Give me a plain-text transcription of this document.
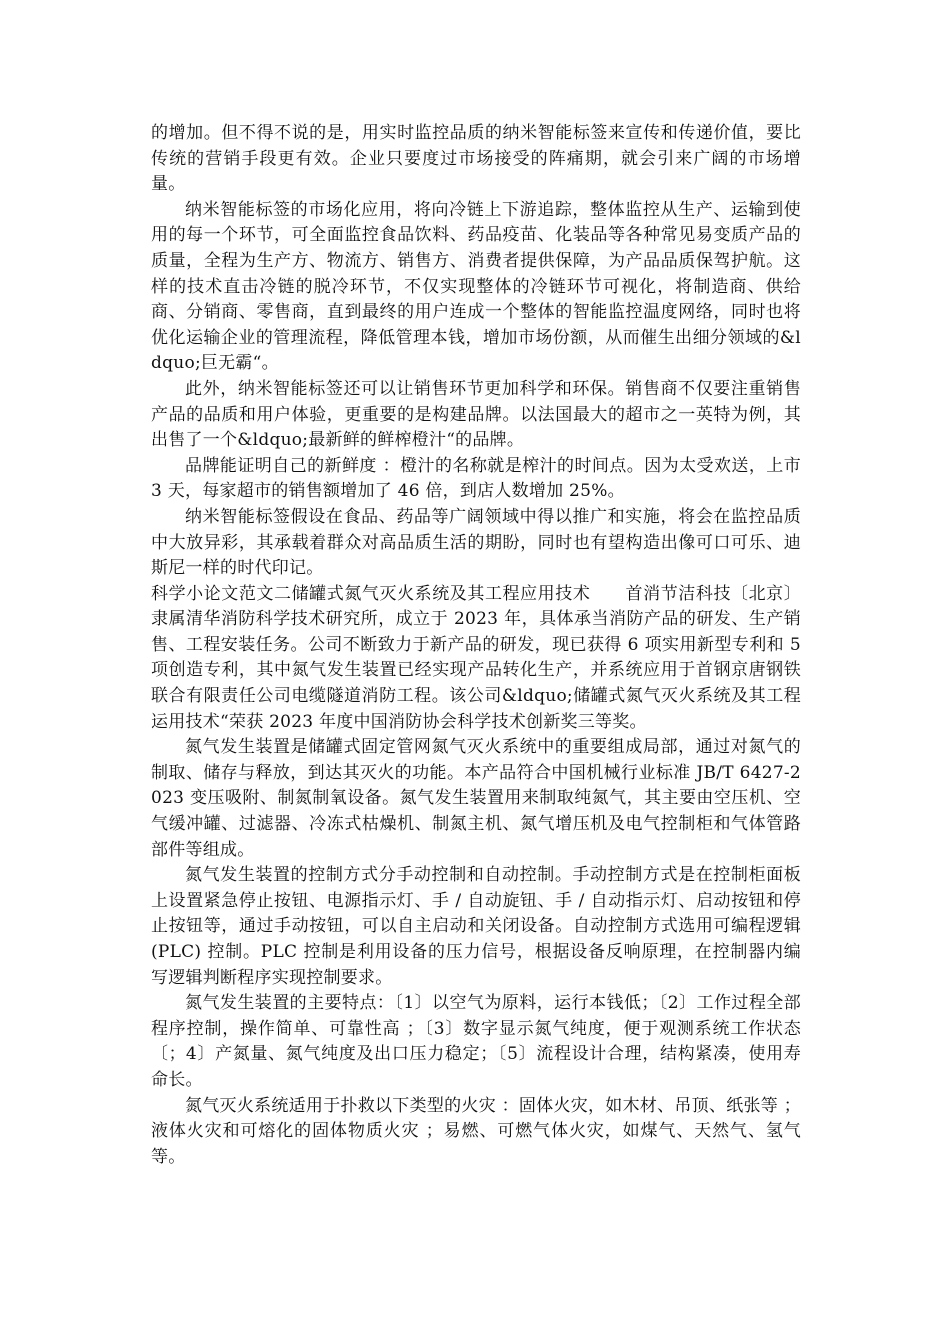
的增加。但不得不说的是，用实时监控品质的纳米智能标签来宣传和传递价值，要比传统的营销手段更有效。企业只要度过市场接受的阵痛期，就会引来广阔的市场增量。

纳米智能标签的市场化应用，将向冷链上下游追踪，整体监控从生产、运输到使用的每一个环节，可全面监控食品饮料、药品疫苗、化装品等各种常见易变质产品的质量，全程为生产方、物流方、销售方、消费者提供保障，为产品品质保驾护航。这样的技术直击冷链的脱冷环节，不仅实现整体的冷链环节可视化，将制造商、供给商、分销商、零售商，直到最终的用户连成一个整体的智能监控温度网络，同时也将优化运输企业的管理流程，降低管理本钱，增加市场份额，从而催生出细分领域的&ldquo;巨无霸“。

此外，纳米智能标签还可以让销售环节更加科学和环保。销售商不仅要注重销售产品的品质和用户体验，更重要的是构建品牌。以法国最大的超市之一英特为例，其出售了一个&ldquo;最新鲜的鲜榨橙汁“的品牌。

品牌能证明自己的新鲜度 ：橙汁的名称就是榨汁的时间点。因为太受欢送，上市 3 天，每家超市的销售额增加了 46 倍，到店人数增加 25%。

纳米智能标签假设在食品、药品等广阔领域中得以推广和实施，将会在监控品质中大放异彩，其承载着群众对高品质生活的期盼，同时也有望构造出像可口可乐、迪斯尼一样的时代印记。

科学小论文范文二储罐式氮气灭火系统及其工程应用技术　　首消节洁科技〔北京〕隶属清华消防科学技术研究所，成立于 2023 年，具体承当消防产品的研发、生产销售、工程安装任务。公司不断致力于新产品的研发，现已获得 6 项实用新型专利和 5 项创造专利，其中氮气发生装置已经实现产品转化生产，并系统应用于首钢京唐钢铁联合有限责任公司电缆隧道消防工程。该公司&ldquo;储罐式氮气灭火系统及其工程运用技术“荣获 2023 年度中国消防协会科学技术创新奖三等奖。

氮气发生装置是储罐式固定管网氮气灭火系统中的重要组成局部，通过对氮气的制取、储存与释放，到达其灭火的功能。本产品符合中国机械行业标准 JB/T 6427-2023 变压吸附、制氮制氧设备。氮气发生装置用来制取纯氮气，其主要由空压机、空气缓冲罐、过滤器、冷冻式枯燥机、制氮主机、氮气增压机及电气控制柜和气体管路部件等组成。

氮气发生装置的控制方式分手动控制和自动控制。手动控制方式是在控制柜面板上设置紧急停止按钮、电源指示灯、手 / 自动旋钮、手 / 自动指示灯、启动按钮和停止按钮等，通过手动按钮，可以自主启动和关闭设备。自动控制方式选用可编程逻辑 (PLC) 控制。PLC 控制是利用设备的压力信号，根据设备反响原理，在控制器内编写逻辑判断程序实现控制要求。

氮气发生装置的主要特点：〔1〕以空气为原料，运行本钱低；〔2〕工作过程全部程序控制，操作简单、可靠性高 ；〔3〕数字显示氮气纯度，便于观测系统工作状态〔；4〕产氮量、氮气纯度及出口压力稳定；〔5〕流程设计合理，结构紧凑，使用寿命长。

氮气灭火系统适用于扑救以下类型的火灾 ：固体火灾，如木材、吊顶、纸张等 ；液体火灾和可熔化的固体物质火灾 ；易燃、可燃气体火灾，如煤气、天然气、氢气等。
